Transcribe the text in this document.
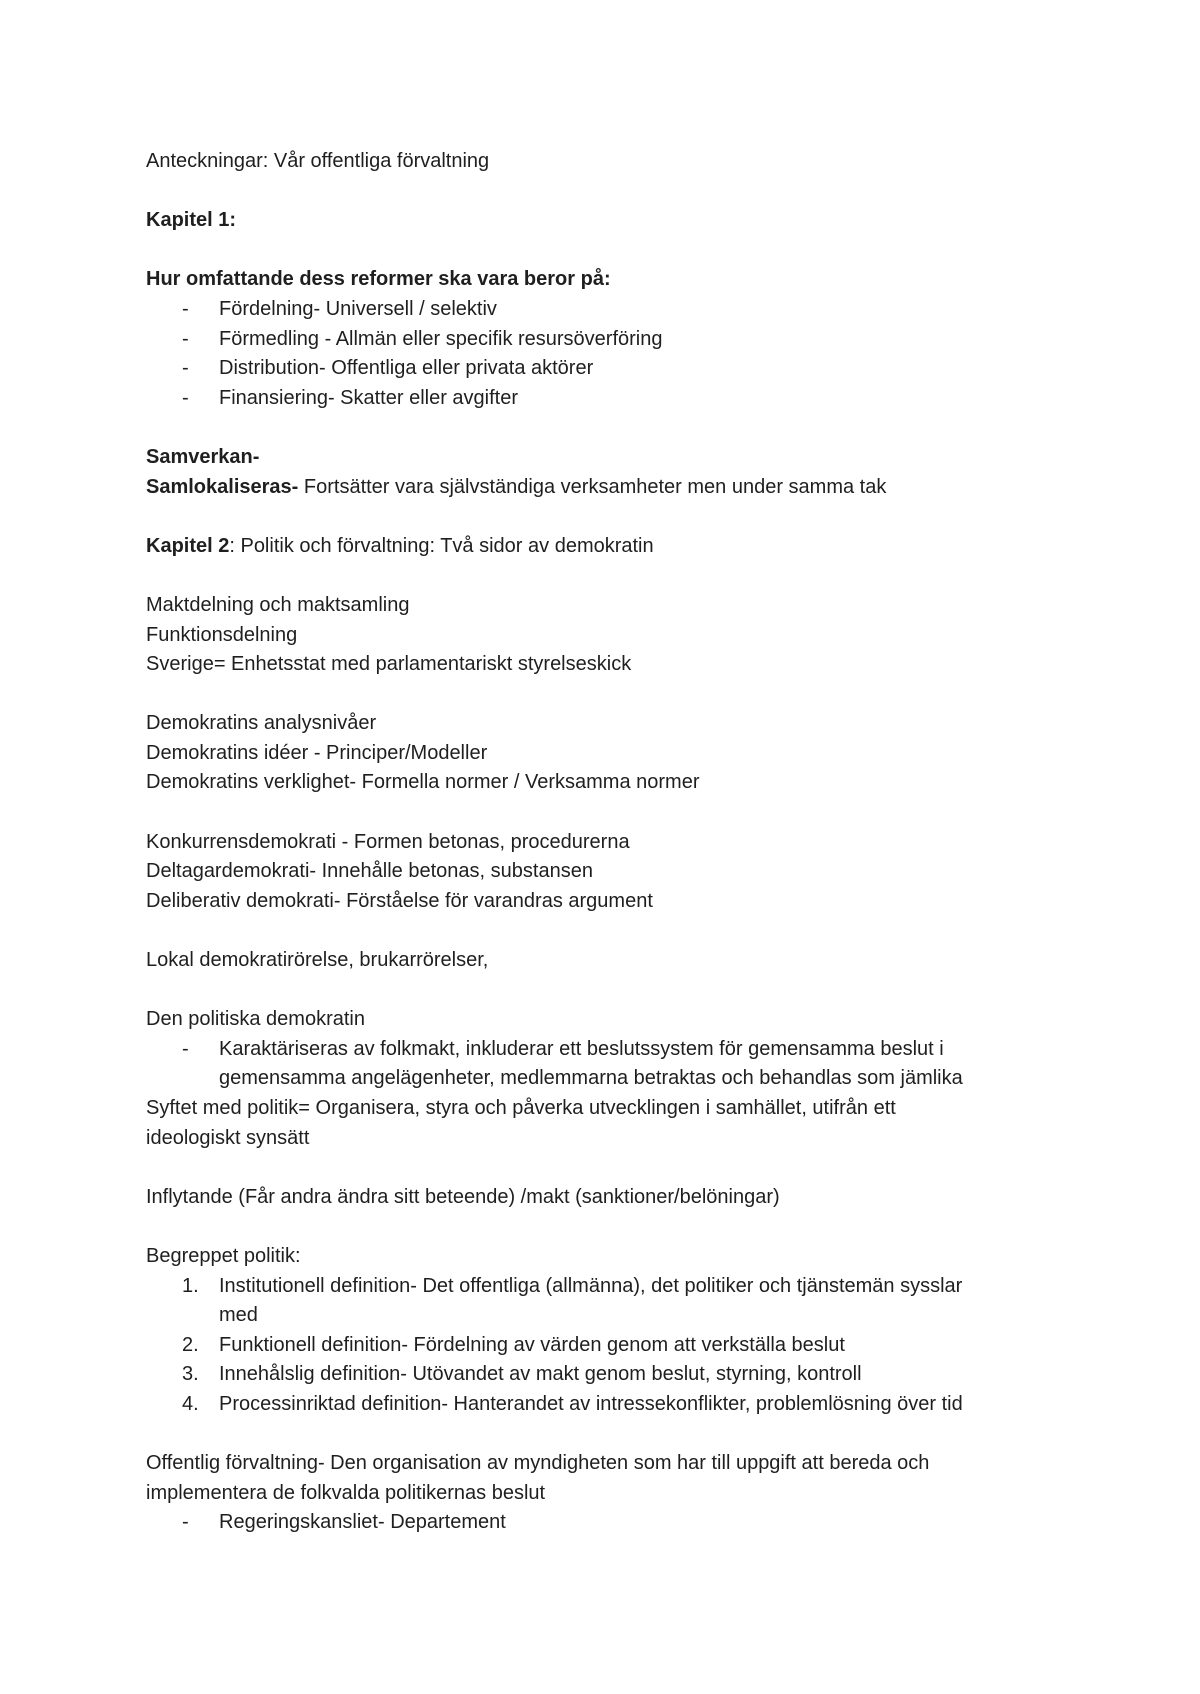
Anteckningar: Vår offentliga förvaltning

Kapitel 1:

Hur omfattande dess reformer ska vara beror på:

- Fördelning- Universell / selektiv
- Förmedling - Allmän eller specifik resursöverföring
- Distribution- Offentliga eller privata aktörer
- Finansiering- Skatter eller avgifter

Samverkan-

Samlokaliseras- Fortsätter vara självständiga verksamheter men under samma tak

Kapitel 2: Politik och förvaltning: Två sidor av demokratin

Maktdelning och maktsamling

Funktionsdelning

Sverige= Enhetsstat med parlamentariskt styrelseskick

Demokratins analysnivåer

Demokratins idéer - Principer/Modeller

Demokratins verklighet- Formella normer / Verksamma normer

Konkurrensdemokrati - Formen betonas, procedurerna

Deltagardemokrati- Innehålle betonas, substansen

Deliberativ demokrati- Förståelse för varandras argument

Lokal demokratirörelse, brukarrörelser,

Den politiska demokratin

- Karaktäriseras av folkmakt, inkluderar ett beslutssystem för gemensamma beslut i

gemensamma angelägenheter, medlemmarna betraktas och behandlas som jämlika

Syftet med politik= Organisera, styra och påverka utvecklingen i samhället, utifrån ett

ideologiskt synsätt

Inflytande (Får andra ändra sitt beteende) /makt (sanktioner/belöningar)

Begreppet politik:

1. Institutionell definition- Det offentliga (allmänna), det politiker och tjänstemän sysslar

med

2. Funktionell definition- Fördelning av värden genom att verkställa beslut

3. Innehålslig definition- Utövandet av makt genom beslut, styrning, kontroll

4. Processinriktad definition- Hanterandet av intressekonflikter, problemlösning över tid

Offentlig förvaltning- Den organisation av myndigheten som har till uppgift att bereda och

implementera de folkvalda politikernas beslut

- Regeringskansliet- Departement
